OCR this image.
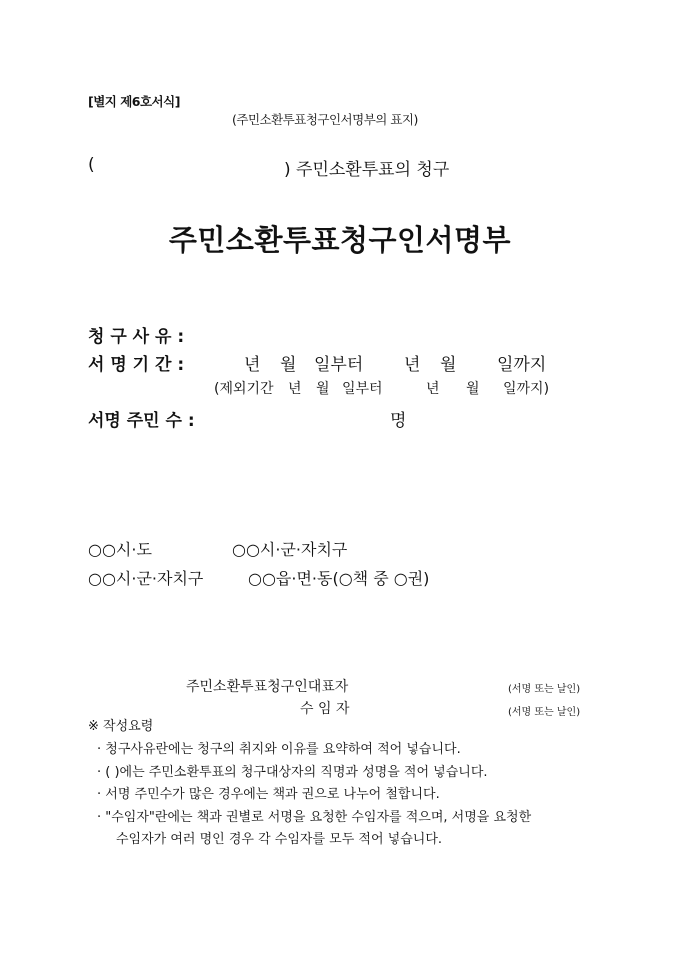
[별지 제6호서식]
(주민소환투표청구인서명부의 표지)
(	) 주민소환투표의 청구
주민소환투표청구인서명부
청 구 사 유 :
서 명 기 간 :	년 월 일부터 년 월 일까지
(제외기간 년 월 일부터	년 월 일까지)
서명 주민 수 :	명
○○시·도	○○시·군·자치구
○○시·군·자치구	○○읍·면·동(○책 중 ○권)
주민소환투표청구인대표자	(서명 또는 날인)
수 임 자	(서명 또는 날인)
※ 작성요령
· 청구사유란에는 청구의 취지와 이유를 요약하여 적어 넣습니다.
· ( )에는 주민소환투표의 청구대상자의 직명과 성명을 적어 넣습니다.
· 서명 주민수가 많은 경우에는 책과 권으로 나누어 철합니다.
· "수임자"란에는 책과 권별로 서명을 요청한 수임자를 적으며, 서명을 요청한
수임자가 여러 명인 경우 각 수임자를 모두 적어 넣습니다.
